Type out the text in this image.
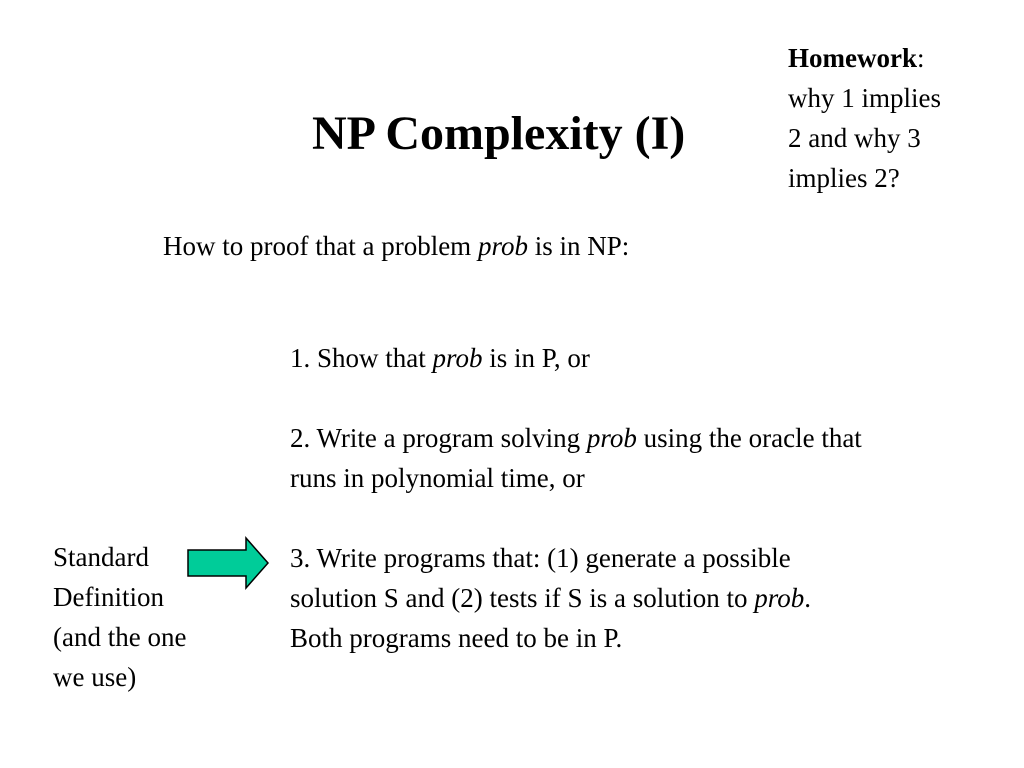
NP Complexity (I)
Homework:
why 1 implies
2 and why 3
implies 2?
How to proof that a problem prob is in NP:

1. Show that prob is in P, or

2. Write a program solving prob using the oracle that

runs in polynomial time, or

3. Write programs that: (1) generate a possible

solution S and (2) tests if S is a solution to prob.

Both programs need to be in P.

Standard
Definition
(and the one
we use)
